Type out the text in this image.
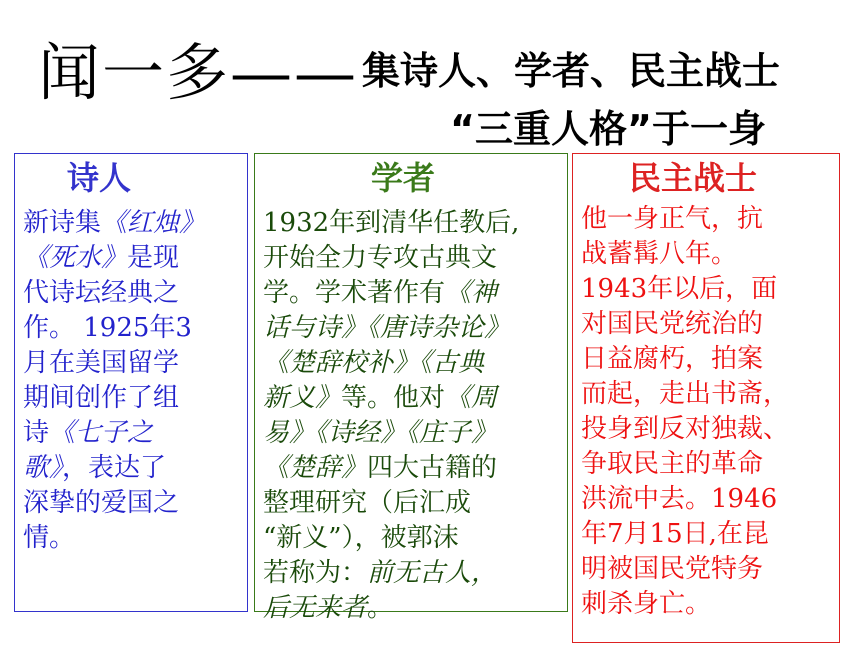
闻一多—— 集诗人、学者、民主战士
“三重人格”于一身
诗人
新诗集《红烛》
《死水》是现
代诗坛经典之
作。 1925年3
月在美国留学
期间创作了组
诗《七子之
歌》，表达了
深挚的爱国之
情。
学者
1932年到清华任教后,
开始全力专攻古典文
学。学术著作有《神
话与诗》《唐诗杂论》
《楚辞校补》《古典
新义》等。他对《周
易》《诗经》《庄子》
《楚辞》四大古籍的
整理研究（后汇成
“新义”），被郭沫
若称为：前无古人，
后无来者。
民主战士
他一身正气，抗
战蓄髯八年。
1943年以后，面
对国民党统治的
日益腐朽，拍案
而起，走出书斋，
投身到反对独裁、
争取民主的革命
洪流中去。1946
年7月15日,在昆
明被国民党特务
刺杀身亡。
